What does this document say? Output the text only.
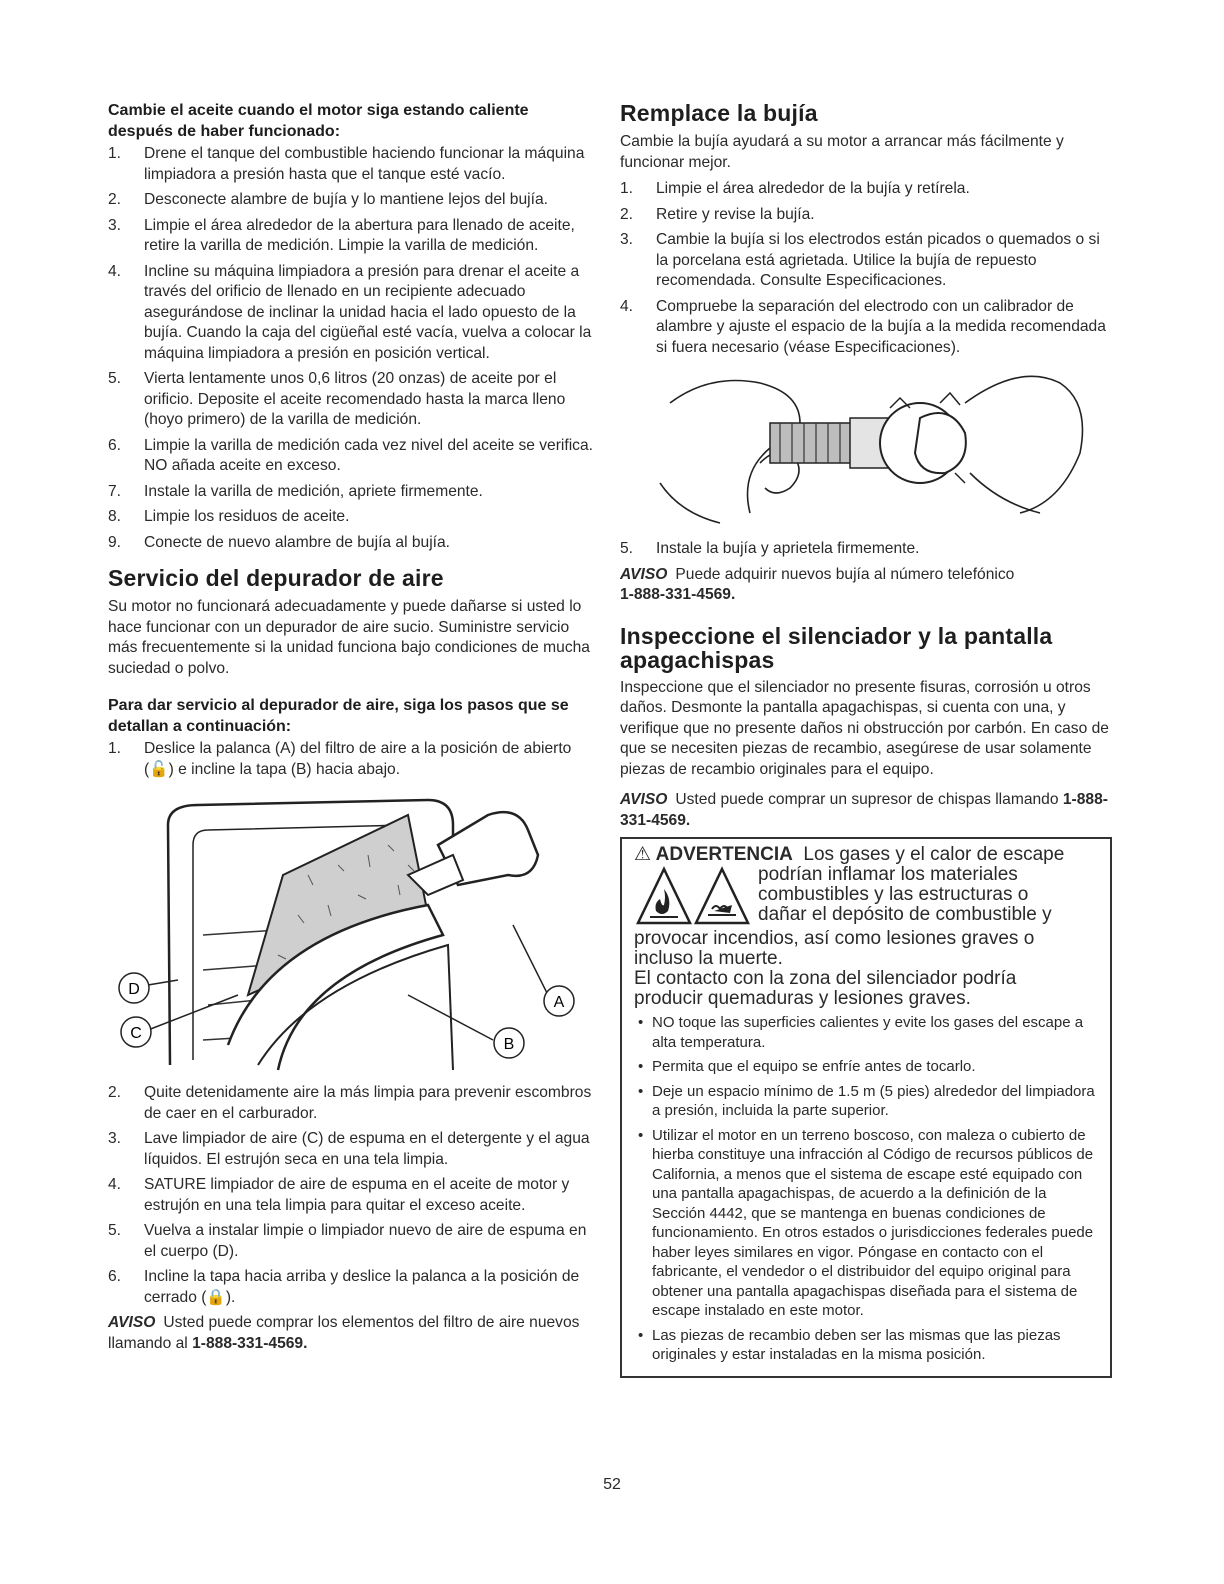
Cambie el aceite cuando el motor siga estando caliente después de haber funcionado:
1. Drene el tanque del combustible haciendo funcionar la máquina limpiadora a presión hasta que el tanque esté vacío.
2. Desconecte alambre de bujía y lo mantiene lejos del bujía.
3. Limpie el área alrededor de la abertura para llenado de aceite, retire la varilla de medición. Limpie la varilla de medición.
4. Incline su máquina limpiadora a presión para drenar el aceite a través del orificio de llenado en un recipiente adecuado asegurándose de inclinar la unidad hacia el lado opuesto de la bujía. Cuando la caja del cigüeñal esté vacía, vuelva a colocar la máquina limpiadora a presión en posición vertical.
5. Vierta lentamente unos 0,6 litros (20 onzas) de aceite por el orificio. Deposite el aceite recomendado hasta la marca lleno (hoyo primero) de la varilla de medición.
6. Limpie la varilla de medición cada vez nivel del aceite se verifica. NO añada aceite en exceso.
7. Instale la varilla de medición, apriete firmemente.
8. Limpie los residuos de aceite.
9. Conecte de nuevo alambre de bujía al bujía.
Servicio del depurador de aire

Su motor no funcionará adecuadamente y puede dañarse si usted lo hace funcionar con un depurador de aire sucio. Suministre servicio más frecuentemente si la unidad funciona bajo condiciones de mucha suciedad o polvo.

Para dar servicio al depurador de aire, siga los pasos que se detallan a continuación:
1. Deslice la palanca (A) del filtro de aire a la posición de abierto (🔓) e incline la tapa (B) hacia abajo.
A
B
C
D
2. Quite detenidamente aire la más limpia para prevenir escombros de caer en el carburador.
3. Lave limpiador de aire (C) de espuma en el detergente y el agua líquidos. El estrujón seca en una tela limpia.
4. SATURE limpiador de aire de espuma en el aceite de motor y estrujón en una tela limpia para quitar el exceso aceite.
5. Vuelva a instalar limpie o limpiador nuevo de aire de espuma en el cuerpo (D).
6. Incline la tapa hacia arriba y deslice la palanca a la posición de cerrado (🔒).

AVISO Usted puede comprar los elementos del filtro de aire nuevos llamando al 1-888-331-4569.

Remplace la bujía

Cambie la bujía ayudará a su motor a arrancar más fácilmente y funcionar mejor.

1. Limpie el área alrededor de la bujía y retírela.
2. Retire y revise la bujía.
3. Cambie la bujía si los electrodos están picados o quemados o si la porcelana está agrietada. Utilice la bujía de repuesto recomendada. Consulte Especificaciones.
4. Compruebe la separación del electrodo con un calibrador de alambre y ajuste el espacio de la bujía a la medida recomendada si fuera necesario (véase Especificaciones).
5. Instale la bujía y aprietela firmemente.

AVISO Puede adquirir nuevos bujía al número telefónico
1-888-331-4569.

Inspeccione el silenciador y la pantalla apagachispas

Inspeccione que el silenciador no presente fisuras, corrosión u otros daños. Desmonte la pantalla apagachispas, si cuenta con una, y verifique que no presente daños ni obstrucción por carbón. En caso de que se necesiten piezas de recambio, asegúrese de usar solamente piezas de recambio originales para el equipo.

AVISO Usted puede comprar un supresor de chispas llamando 1-888-331-4569.

⚠ ADVERTENCIA Los gases y el calor de escape
podrían inflamar los materiales
combustibles y las estructuras o
dañar el depósito de combustible y
provocar incendios, así como lesiones graves o
incluso la muerte.
El contacto con la zona del silenciador podría
producir quemaduras y lesiones graves.
• NO toque las superficies calientes y evite los gases del escape a alta temperatura.
• Permita que el equipo se enfríe antes de tocarlo.
• Deje un espacio mínimo de 1.5 m (5 pies) alrededor del limpiadora a presión, incluida la parte superior.
• Utilizar el motor en un terreno boscoso, con maleza o cubierto de hierba constituye una infracción al Código de recursos públicos de California, a menos que el sistema de escape esté equipado con una pantalla apagachispas, de acuerdo a la definición de la Sección 4442, que se mantenga en buenas condiciones de funcionamiento. En otros estados o jurisdicciones federales puede haber leyes similares en vigor. Póngase en contacto con el fabricante, el vendedor o el distribuidor del equipo original para obtener una pantalla apagachispas diseñada para el sistema de escape instalado en este motor.
• Las piezas de recambio deben ser las mismas que las piezas originales y estar instaladas en la misma posición.
52
